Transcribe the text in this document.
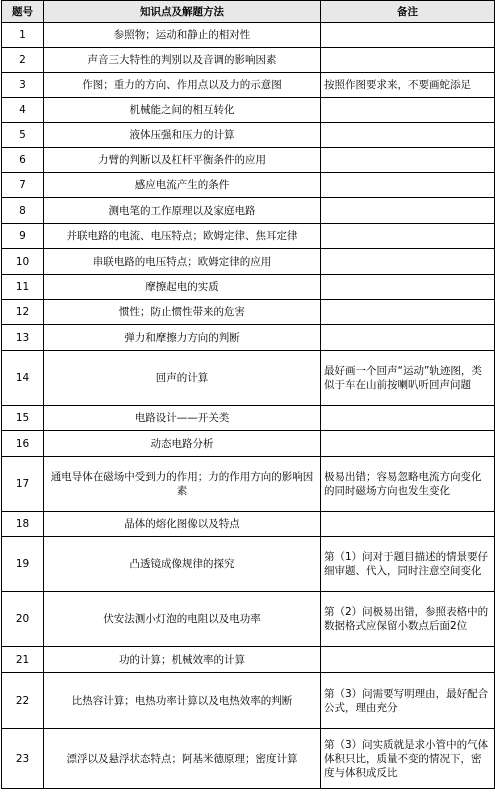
题号	知识点及解题方法	备注
1	参照物；运动和静止的相对性	
2	声音三大特性的判别以及音调的影响因素	
3	作图；重力的方向、作用点以及力的示意图	按照作图要求来，不要画蛇添足
4	机械能之间的相互转化	
5	液体压强和压力的计算	
6	力臂的判断以及杠杆平衡条件的应用	
7	感应电流产生的条件	
8	测电笔的工作原理以及家庭电路	
9	并联电路的电流、电压特点；欧姆定律、焦耳定律	
10	串联电路的电压特点；欧姆定律的应用	
11	摩擦起电的实质	
12	惯性；防止惯性带来的危害	
13	弹力和摩擦力方向的判断	
14	回声的计算	最好画一个回声“运动”轨迹图，类似于车在山前按喇叭听回声问题
15	电路设计——开关类	
16	动态电路分析	
17	通电导体在磁场中受到力的作用；力的作用方向的影响因素	极易出错；容易忽略电流方向变化的同时磁场方向也发生变化
18	晶体的熔化图像以及特点	
19	凸透镜成像规律的探究	第（1）问对于题目描述的情景要仔细审题、代入，同时注意空间变化
20	伏安法测小灯泡的电阻以及电功率	第（2）问极易出错，参照表格中的数据格式应保留小数点后面2位
21	功的计算；机械效率的计算	
22	比热容计算；电热功率计算以及电热效率的判断	第（3）问需要写明理由，最好配合公式，理由充分
23	漂浮以及悬浮状态特点；阿基米德原理；密度计算	第（3）问实质就是求小管中的气体体积只比，质量不变的情况下，密度与体积成反比
